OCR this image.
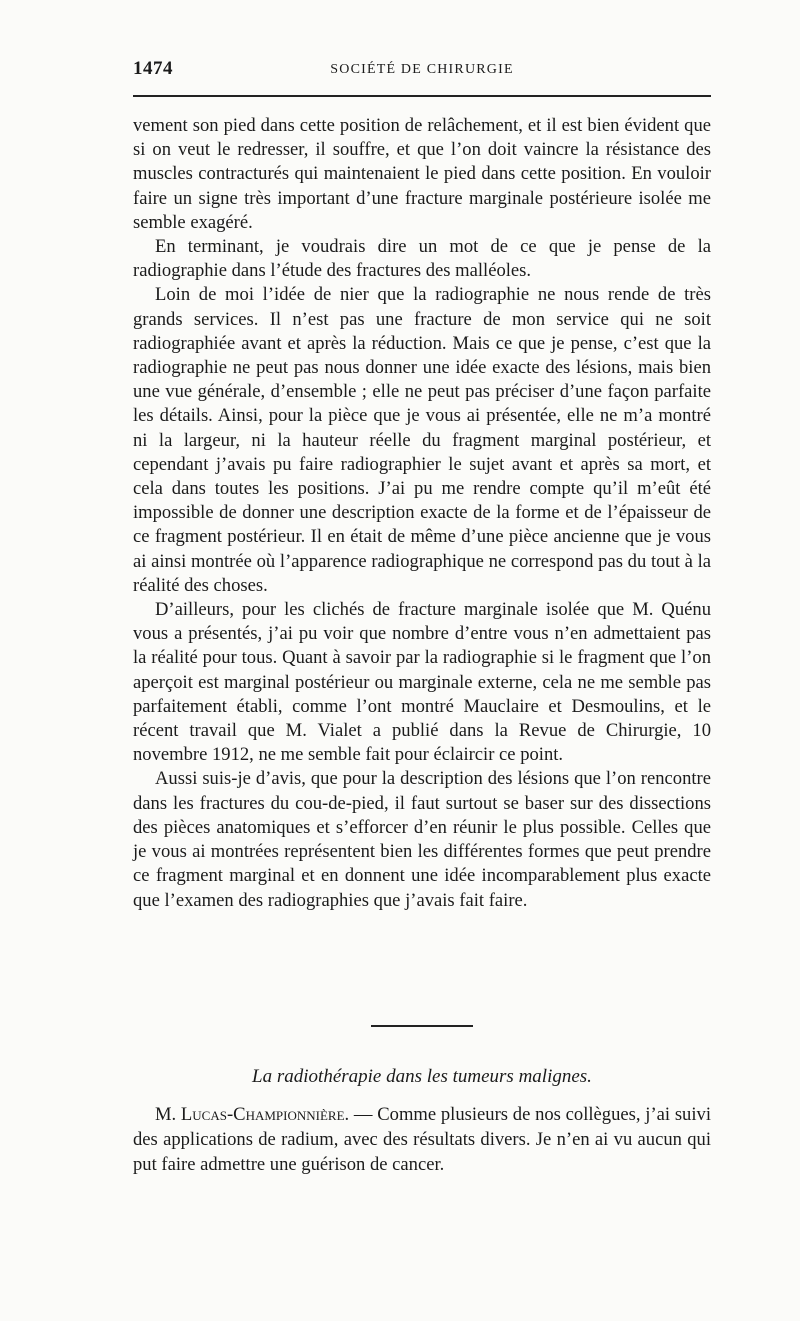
1474	SOCIÉTÉ DE CHIRURGIE

vement son pied dans cette position de relâchement, et il est bien évident que si on veut le redresser, il souffre, et que l’on doit vaincre la résistance des muscles contracturés qui maintenaient le pied dans cette position. En vouloir faire un signe très important d’une fracture marginale postérieure isolée me semble exagéré.

En terminant, je voudrais dire un mot de ce que je pense de la radiographie dans l’étude des fractures des malléoles.

Loin de moi l’idée de nier que la radiographie ne nous rende de très grands services. Il n’est pas une fracture de mon service qui ne soit radiographiée avant et après la réduction. Mais ce que je pense, c’est que la radiographie ne peut pas nous donner une idée exacte des lésions, mais bien une vue générale, d’ensemble ; elle ne peut pas préciser d’une façon parfaite les détails. Ainsi, pour la pièce que je vous ai présentée, elle ne m’a montré ni la largeur, ni la hauteur réelle du fragment marginal postérieur, et cependant j’avais pu faire radiographier le sujet avant et après sa mort, et cela dans toutes les positions. J’ai pu me rendre compte qu’il m’eût été impossible de donner une description exacte de la forme et de l’épaisseur de ce fragment postérieur. Il en était de même d’une pièce ancienne que je vous ai ainsi montrée où l’apparence radiographique ne correspond pas du tout à la réalité des choses.

D’ailleurs, pour les clichés de fracture marginale isolée que M. Quénu vous a présentés, j’ai pu voir que nombre d’entre vous n’en admettaient pas la réalité pour tous. Quant à savoir par la radiographie si le fragment que l’on aperçoit est marginal postérieur ou marginale externe, cela ne me semble pas parfaitement établi, comme l’ont montré Mauclaire et Desmoulins, et le récent travail que M. Vialet a publié dans la Revue de Chirurgie, 10 novembre 1912, ne me semble fait pour éclaircir ce point.

Aussi suis-je d’avis, que pour la description des lésions que l’on rencontre dans les fractures du cou-de-pied, il faut surtout se baser sur des dissections des pièces anatomiques et s’efforcer d’en réunir le plus possible. Celles que je vous ai montrées représentent bien les différentes formes que peut prendre ce fragment marginal et en donnent une idée incomparablement plus exacte que l’examen des radiographies que j’avais fait faire.

La radiothérapie dans les tumeurs malignes.

M. Lucas-Championnière. — Comme plusieurs de nos collègues, j’ai suivi des applications de radium, avec des résultats divers. Je n’en ai vu aucun qui put faire admettre une guérison de cancer.
